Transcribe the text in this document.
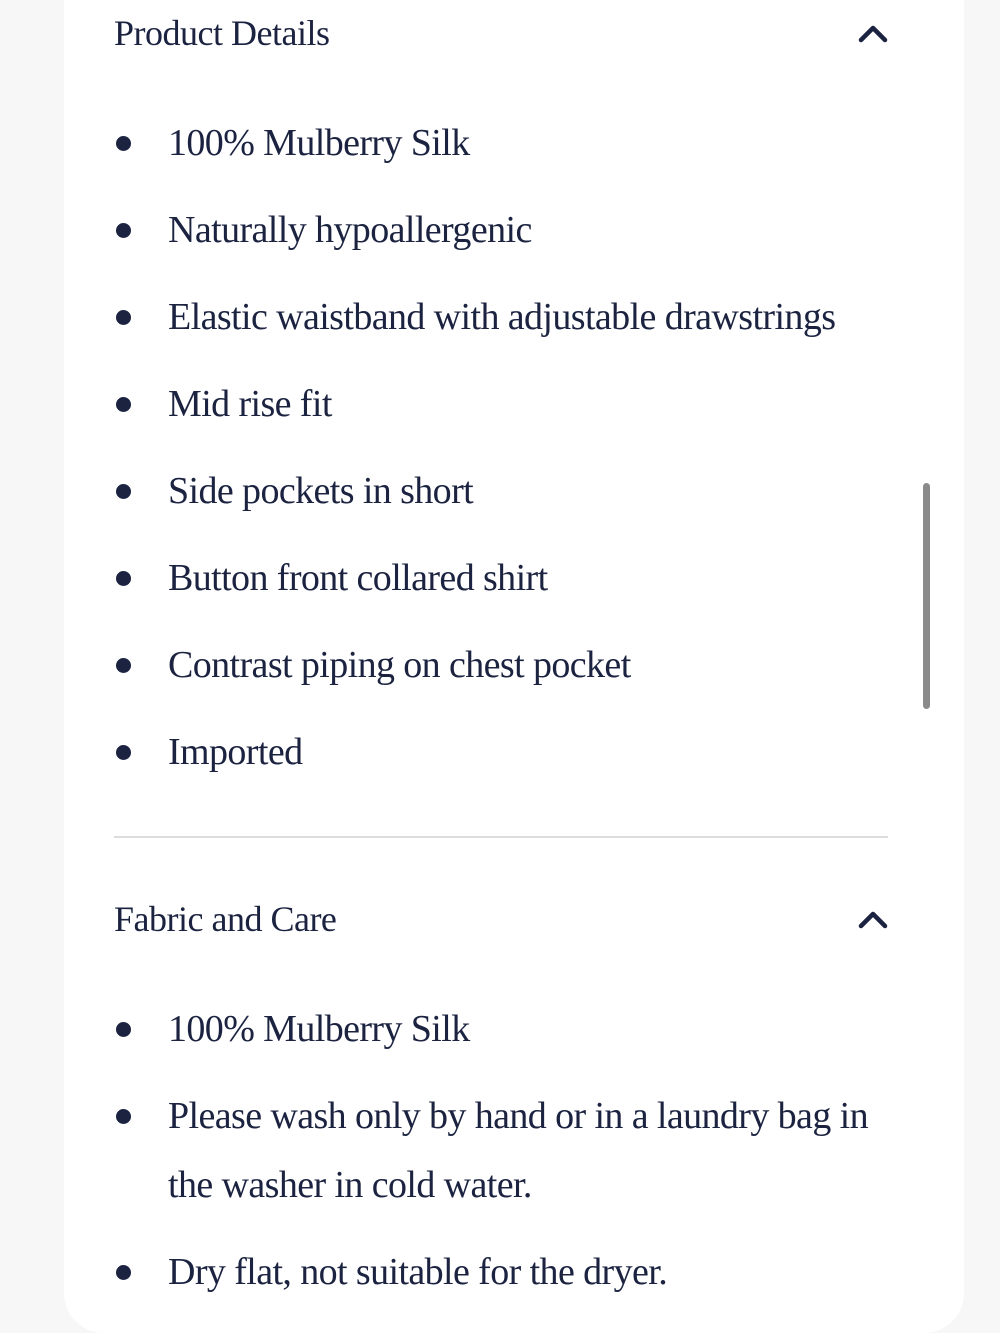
Product Details
100% Mulberry Silk
Naturally hypoallergenic
Elastic waistband with adjustable drawstrings
Mid rise fit
Side pockets in short
Button front collared shirt
Contrast piping on chest pocket
Imported
Fabric and Care
100% Mulberry Silk
Please wash only by hand or in a laundry bag in the washer in cold water.
Dry flat, not suitable for the dryer.
